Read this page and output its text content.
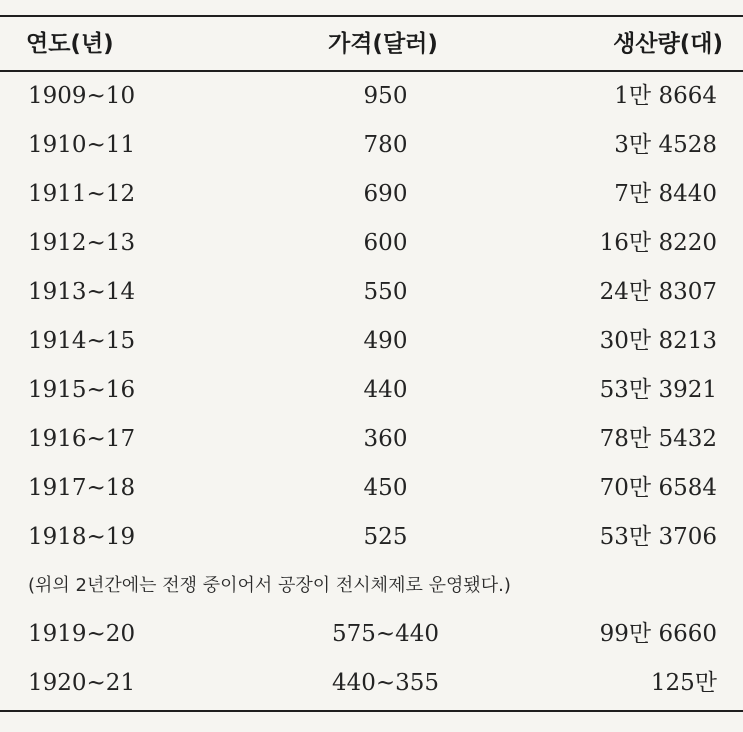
연도(년)	가격(달러)	생산량(대)
1909~10	950	1만 8664
1910~11	780	3만 4528
1911~12	690	7만 8440
1912~13	600	16만 8220
1913~14	550	24만 8307
1914~15	490	30만 8213
1915~16	440	53만 3921
1916~17	360	78만 5432
1917~18	450	70만 6584
1918~19	525	53만 3706
(위의 2년간에는 전쟁 중이어서 공장이 전시체제로 운영됐다.)
1919~20	575~440	99만 6660
1920~21	440~355	125만
